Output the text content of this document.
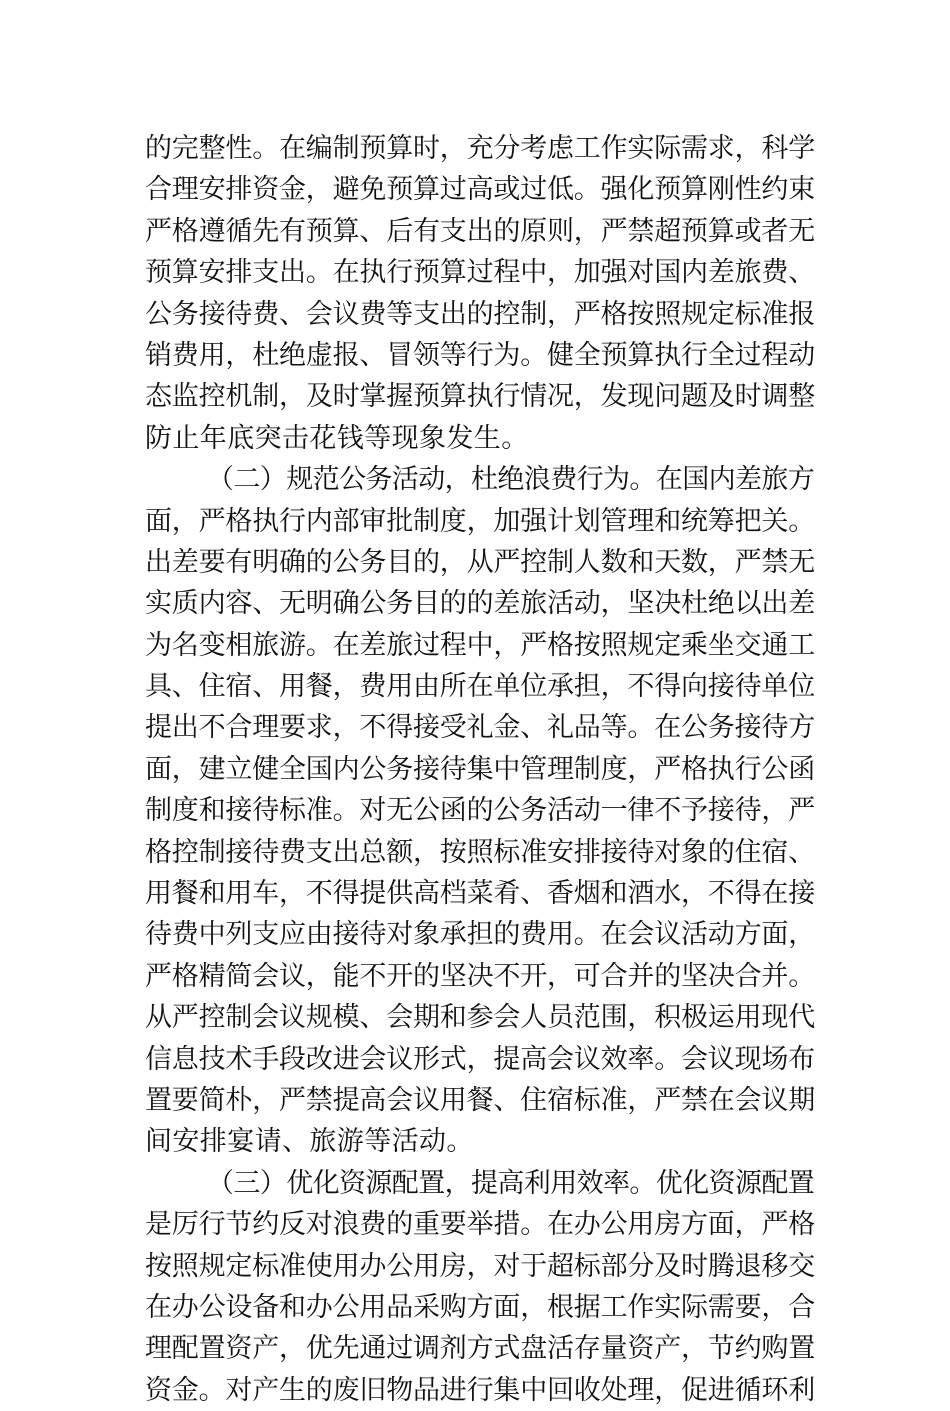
的完整性。在编制预算时，充分考虑工作实际需求，科学
合理安排资金，避免预算过高或过低。强化预算刚性约束
严格遵循先有预算、后有支出的原则，严禁超预算或者无
预算安排支出。在执行预算过程中，加强对国内差旅费、
公务接待费、会议费等支出的控制，严格按照规定标准报
销费用，杜绝虚报、冒领等行为。健全预算执行全过程动
态监控机制，及时掌握预算执行情况，发现问题及时调整
防止年底突击花钱等现象发生。
（二）规范公务活动，杜绝浪费行为。在国内差旅方
面，严格执行内部审批制度，加强计划管理和统筹把关。
出差要有明确的公务目的，从严控制人数和天数，严禁无
实质内容、无明确公务目的的差旅活动，坚决杜绝以出差
为名变相旅游。在差旅过程中，严格按照规定乘坐交通工
具、住宿、用餐，费用由所在单位承担，不得向接待单位
提出不合理要求，不得接受礼金、礼品等。在公务接待方
面，建立健全国内公务接待集中管理制度，严格执行公函
制度和接待标准。对无公函的公务活动一律不予接待，严
格控制接待费支出总额，按照标准安排接待对象的住宿、
用餐和用车，不得提供高档菜肴、香烟和酒水，不得在接
待费中列支应由接待对象承担的费用。在会议活动方面，
严格精简会议，能不开的坚决不开，可合并的坚决合并。
从严控制会议规模、会期和参会人员范围，积极运用现代
信息技术手段改进会议形式，提高会议效率。会议现场布
置要简朴，严禁提高会议用餐、住宿标准，严禁在会议期
间安排宴请、旅游等活动。
（三）优化资源配置，提高利用效率。优化资源配置
是厉行节约反对浪费的重要举措。在办公用房方面，严格
按照规定标准使用办公用房，对于超标部分及时腾退移交
在办公设备和办公用品采购方面，根据工作实际需要，合
理配置资产，优先通过调剂方式盘活存量资产，节约购置
资金。对产生的废旧物品进行集中回收处理，促进循环利
